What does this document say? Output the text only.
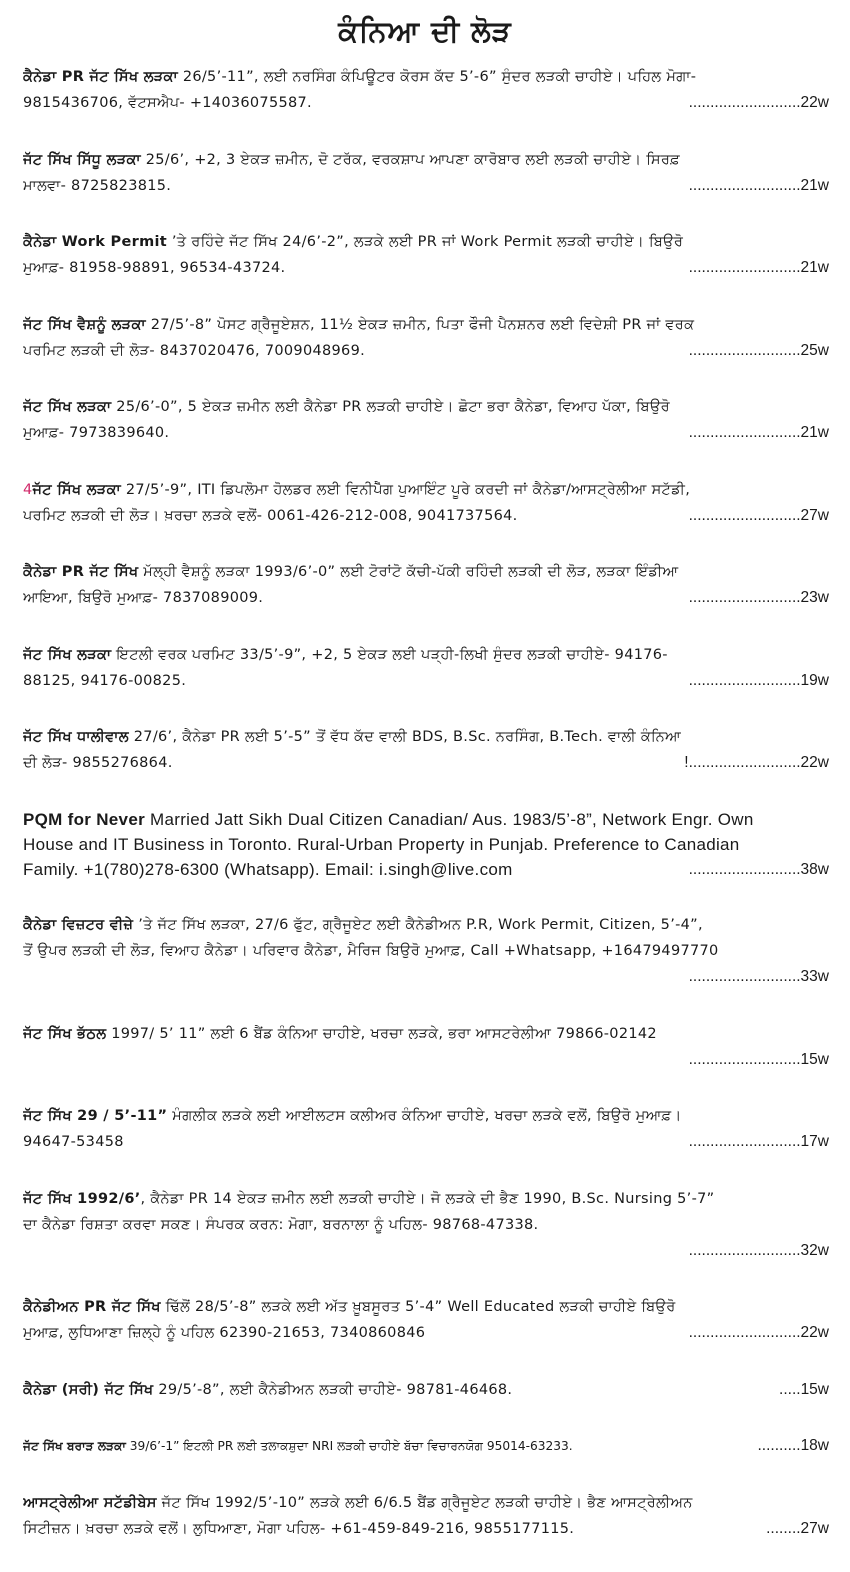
ਕੰਨਿਆ ਦੀ ਲੋੜ
ਕੈਨੇਡਾ PR ਜੱਟ ਸਿੱਖ ਲੜਕਾ 26/5’-11”, ਲਈ ਨਰਸਿੰਗ ਕੰਪਿਊਟਰ ਕੋਰਸ ਕੱਦ 5’-6” ਸੁੰਦਰ ਲੜਕੀ ਚਾਹੀਏ। ਪਹਿਲ ਮੋਗਾ-
9815436706, ਵੱਟਸਐਪ- +14036075587.	..........................22w
ਜੱਟ ਸਿੱਖ ਸਿੱਧੂ ਲੜਕਾ 25/6’, +2, 3 ਏਕੜ ਜ਼ਮੀਨ, ਦੋ ਟਰੱਕ, ਵਰਕਸ਼ਾਪ ਆਪਣਾ ਕਾਰੋਬਾਰ ਲਈ ਲੜਕੀ ਚਾਹੀਏ। ਸਿਰਫ਼
ਮਾਲਵਾ- 8725823815.	..........................21w
ਕੈਨੇਡਾ Work Permit ’ਤੇ ਰਹਿੰਦੇ ਜੱਟ ਸਿੱਖ 24/6’-2”, ਲੜਕੇ ਲਈ PR ਜਾਂ Work Permit ਲੜਕੀ ਚਾਹੀਏ। ਬਿਉਰੋ
ਮੁਆਫ਼- 81958-98891, 96534-43724.	..........................21w
ਜੱਟ ਸਿੱਖ ਵੈਸ਼ਨੂੰ ਲੜਕਾ 27/5’-8” ਪੋਸਟ ਗ੍ਰੈਜੂਏਸ਼ਨ, 11½ ਏਕੜ ਜ਼ਮੀਨ, ਪਿਤਾ ਫੌਜੀ ਪੈਨਸ਼ਨਰ ਲਈ ਵਿਦੇਸ਼ੀ PR ਜਾਂ ਵਰਕ
ਪਰਮਿਟ ਲੜਕੀ ਦੀ ਲੋੜ- 8437020476, 7009048969.	..........................25w
ਜੱਟ ਸਿੱਖ ਲੜਕਾ 25/6’-0”, 5 ਏਕੜ ਜ਼ਮੀਨ ਲਈ ਕੈਨੇਡਾ PR ਲੜਕੀ ਚਾਹੀਏ। ਛੋਟਾ ਭਰਾ ਕੈਨੇਡਾ, ਵਿਆਹ ਪੱਕਾ, ਬਿਉਰੋ
ਮੁਆਫ਼- 7973839640.	..........................21w
4ਜੱਟ ਸਿੱਖ ਲੜਕਾ 27/5’-9”, ITI ਡਿਪਲੋਮਾ ਹੋਲਡਰ ਲਈ ਵਿਨੀਪੈੱਗ ਪੁਆਇੰਟ ਪੂਰੇ ਕਰਦੀ ਜਾਂ ਕੈਨੇਡਾ/ਆਸਟ੍ਰੇਲੀਆ ਸਟੱਡੀ,
ਪਰਮਿਟ ਲੜਕੀ ਦੀ ਲੋੜ। ਖ਼ਰਚਾ ਲੜਕੇ ਵਲੋਂ- 0061-426-212-008, 9041737564.	..........................27w
ਕੈਨੇਡਾ PR ਜੱਟ ਸਿੱਖ ਮੱਲ੍ਹੀ ਵੈਸ਼ਨੂੰ ਲੜਕਾ 1993/6’-0” ਲਈ ਟੋਰਾਂਟੋ ਕੱਚੀ-ਪੱਕੀ ਰਹਿੰਦੀ ਲੜਕੀ ਦੀ ਲੋੜ, ਲੜਕਾ ਇੰਡੀਆ
ਆਇਆ, ਬਿਉਰੋ ਮੁਆਫ਼- 7837089009.	..........................23w
ਜੱਟ ਸਿੱਖ ਲੜਕਾ ਇਟਲੀ ਵਰਕ ਪਰਮਿਟ 33/5’-9”, +2, 5 ਏਕੜ ਲਈ ਪੜ੍ਹੀ-ਲਿਖੀ ਸੁੰਦਰ ਲੜਕੀ ਚਾਹੀਏ- 94176-
88125, 94176-00825.	..........................19w
ਜੱਟ ਸਿੱਖ ਧਾਲੀਵਾਲ 27/6’, ਕੈਨੇਡਾ PR ਲਈ 5’-5” ਤੋਂ ਵੱਧ ਕੱਦ ਵਾਲੀ BDS, B.Sc. ਨਰਸਿੰਗ, B.Tech. ਵਾਲੀ ਕੰਨਿਆ
ਦੀ ਲੋੜ- 9855276864.	!..........................22w
PQM for Never Married Jatt Sikh Dual Citizen Canadian/ Aus. 1983/5’-8”, Network Engr. Own
House and IT Business in Toronto. Rural-Urban Property in Punjab. Preference to Canadian
Family. +1(780)278-6300 (Whatsapp). Email: i.singh@live.com	..........................38w
ਕੈਨੇਡਾ ਵਿਜ਼ਟਰ ਵੀਜ਼ੇ ’ਤੇ ਜੱਟ ਸਿੱਖ ਲੜਕਾ, 27/6 ਫੁੱਟ, ਗ੍ਰੈਜੂਏਟ ਲਈ ਕੈਨੇਡੀਅਨ P.R, Work Permit, Citizen, 5’-4”,
ਤੋਂ ਉਪਰ ਲੜਕੀ ਦੀ ਲੋੜ, ਵਿਆਹ ਕੈਨੇਡਾ। ਪਰਿਵਾਰ ਕੈਨੇਡਾ, ਮੈਰਿਜ ਬਿਉਰੋ ਮੁਆਫ਼, Call +Whatsapp, +16479497770
..........................33w
ਜੱਟ ਸਿੱਖ ਭੱਠਲ 1997/ 5’ 11” ਲਈ 6 ਬੈਂਡ ਕੰਨਿਆ ਚਾਹੀਏ, ਖਰਚਾ ਲੜਕੇ, ਭਰਾ ਆਸਟਰੇਲੀਆ 79866-02142
..........................15w
ਜੱਟ ਸਿੱਖ 29 / 5’-11” ਮੰਗਲੀਕ ਲੜਕੇ ਲਈ ਆਈਲਟਸ ਕਲੀਅਰ ਕੰਨਿਆ ਚਾਹੀਏ, ਖਰਚਾ ਲੜਕੇ ਵਲੋਂ, ਬਿਉਰੋ ਮੁਆਫ਼।
94647-53458	..........................17w
ਜੱਟ ਸਿੱਖ 1992/6’, ਕੈਨੇਡਾ PR 14 ਏਕੜ ਜ਼ਮੀਨ ਲਈ ਲੜਕੀ ਚਾਹੀਏ। ਜੋ ਲੜਕੇ ਦੀ ਭੈਣ 1990, B.Sc. Nursing 5’-7”
ਦਾ ਕੈਨੇਡਾ ਰਿਸ਼ਤਾ ਕਰਵਾ ਸਕਣ। ਸੰਪਰਕ ਕਰਨ: ਮੋਗਾ, ਬਰਨਾਲਾ ਨੂੰ ਪਹਿਲ- 98768-47338.
..........................32w
ਕੈਨੇਡੀਅਨ PR ਜੱਟ ਸਿੱਖ ਢਿੱਲੋਂ 28/5’-8” ਲੜਕੇ ਲਈ ਅੱਤ ਖ਼ੂਬਸੂਰਤ 5’-4” Well Educated ਲੜਕੀ ਚਾਹੀਏ ਬਿਉਰੋ
ਮੁਆਫ਼, ਲੁਧਿਆਣਾ ਜ਼ਿਲ੍ਹੇ ਨੂੰ ਪਹਿਲ 62390-21653, 7340860846	..........................22w
ਕੈਨੇਡਾ (ਸਰੀ) ਜੱਟ ਸਿੱਖ 29/5’-8”, ਲਈ ਕੈਨੇਡੀਅਨ ਲੜਕੀ ਚਾਹੀਏ- 98781-46468.	.....15w
ਜੱਟ ਸਿੱਖ ਬਰਾੜ ਲੜਕਾ 39/6’-1” ਇਟਲੀ PR ਲਈ ਤਲਾਕਸ਼ੁਦਾ NRI ਲੜਕੀ ਚਾਹੀਏ ਬੱਚਾ ਵਿਚਾਰਨਯੋਗ 95014-63233.	..........18w
ਆਸਟ੍ਰੇਲੀਆ ਸਟੱਡੀਬੇਸ ਜੱਟ ਸਿੱਖ 1992/5’-10” ਲੜਕੇ ਲਈ 6/6.5 ਬੈਂਡ ਗ੍ਰੈਜੂਏਟ ਲੜਕੀ ਚਾਹੀਏ। ਭੈਣ ਆਸਟ੍ਰੇਲੀਅਨ
ਸਿਟੀਜ਼ਨ। ਖ਼ਰਚਾ ਲੜਕੇ ਵਲੋਂ। ਲੁਧਿਆਣਾ, ਮੋਗਾ ਪਹਿਲ- +61-459-849-216, 9855177115.	........27w
